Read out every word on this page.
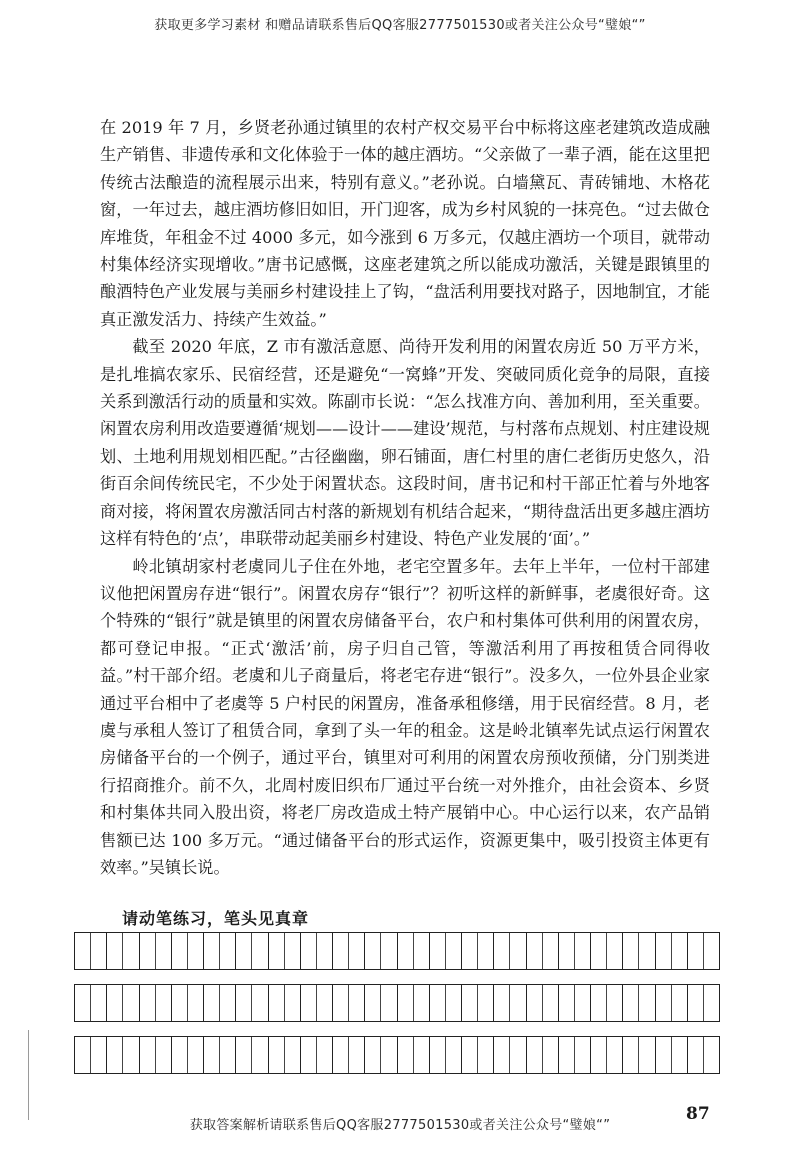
获取更多学习素材 和赠品请联系售后QQ客服2777501530或者关注公众号“璧娘“”

在 2019 年 7 月，乡贤老孙通过镇里的农村产权交易平台中标将这座老建筑改造成融生产销售、非遗传承和文化体验于一体的越庄酒坊。“父亲做了一辈子酒，能在这里把传统古法酿造的流程展示出来，特别有意义。”老孙说。白墙黛瓦、青砖铺地、木格花窗，一年过去，越庄酒坊修旧如旧，开门迎客，成为乡村风貌的一抹亮色。“过去做仓库堆货，年租金不过 4000 多元，如今涨到 6 万多元，仅越庄酒坊一个项目，就带动村集体经济实现增收。”唐书记感慨，这座老建筑之所以能成功激活，关键是跟镇里的酿酒特色产业发展与美丽乡村建设挂上了钩，“盘活利用要找对路子，因地制宜，才能真正激发活力、持续产生效益。”

截至 2020 年底，Z 市有激活意愿、尚待开发利用的闲置农房近 50 万平方米，是扎堆搞农家乐、民宿经营，还是避免“一窝蜂”开发、突破同质化竞争的局限，直接关系到激活行动的质量和实效。陈副市长说：“怎么找准方向、善加利用，至关重要。闲置农房利用改造要遵循‘规划——设计——建设’规范，与村落布点规划、村庄建设规划、土地利用规划相匹配。”古径幽幽，卵石铺面，唐仁村里的唐仁老街历史悠久，沿街百余间传统民宅，不少处于闲置状态。这段时间，唐书记和村干部正忙着与外地客商对接，将闲置农房激活同古村落的新规划有机结合起来，“期待盘活出更多越庄酒坊这样有特色的‘点’，串联带动起美丽乡村建设、特色产业发展的‘面’。”

岭北镇胡家村老虞同儿子住在外地，老宅空置多年。去年上半年，一位村干部建议他把闲置房存进“银行”。闲置农房存“银行”？初听这样的新鲜事，老虞很好奇。这个特殊的“银行”就是镇里的闲置农房储备平台，农户和村集体可供利用的闲置农房，都可登记申报。“正式‘激活’前，房子归自己管，等激活利用了再按租赁合同得收益。”村干部介绍。老虞和儿子商量后，将老宅存进“银行”。没多久，一位外县企业家通过平台相中了老虞等 5 户村民的闲置房，准备承租修缮，用于民宿经营。8 月，老虞与承租人签订了租赁合同，拿到了头一年的租金。这是岭北镇率先试点运行闲置农房储备平台的一个例子，通过平台，镇里对可利用的闲置农房预收预储，分门别类进行招商推介。前不久，北周村废旧织布厂通过平台统一对外推介，由社会资本、乡贤和村集体共同入股出资，将老厂房改造成土特产展销中心。中心运行以来，农产品销售额已达 100 多万元。“通过储备平台的形式运作，资源更集中，吸引投资主体更有效率。”吴镇长说。

请动笔练习，笔头见真章
87
获取答案解析请联系售后QQ客服2777501530或者关注公众号“璧娘“”
